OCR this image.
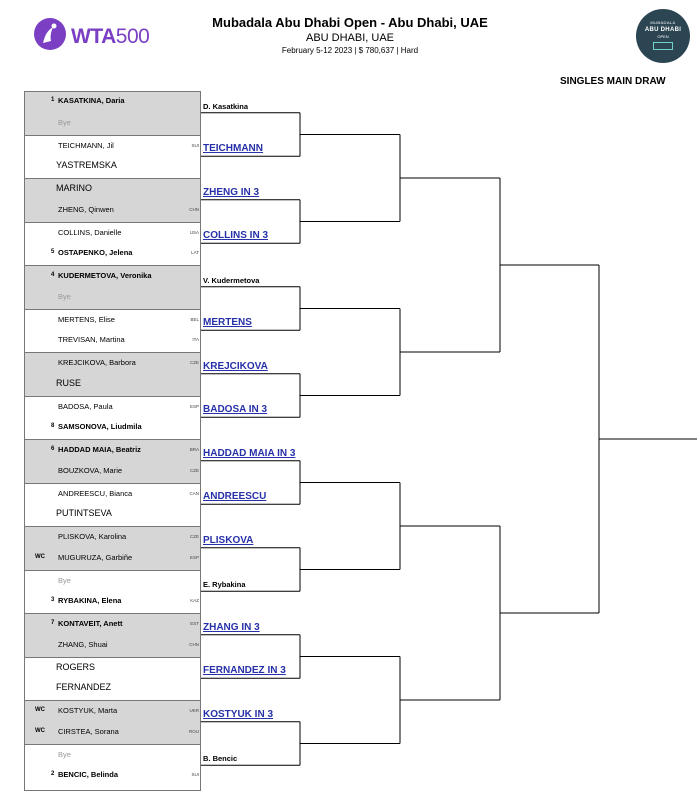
WTA500
Mubadala Abu Dhabi Open - Abu Dhabi, UAE
ABU DHABI, UAE
February 5-12 2023 | $ 780,637 | Hard
MUBADALA
ABU DHABI
OPEN
SINGLES MAIN DRAW
1 KASATKINA, Daria
Bye
TEICHMANN, Jil	SUI
YASTREMSKA
MARINO
ZHENG, Qinwen	CHN
COLLINS, Danielle	USA
5 OSTAPENKO, Jelena	LAT
4 KUDERMETOVA, Veronika
Bye
MERTENS, Elise	BEL
TREVISAN, Martina	ITA
KREJCIKOVA, Barbora	CZE
RUSE
BADOSA, Paula	ESP
8 SAMSONOVA, Liudmila
6 HADDAD MAIA, Beatriz	BRA
BOUZKOVA, Marie	CZE
ANDREESCU, Bianca	CAN
PUTINTSEVA
PLISKOVA, Karolina	CZE
WC MUGURUZA, Garbiñe	ESP
Bye
3 RYBAKINA, Elena	KAZ
7 KONTAVEIT, Anett	EST
ZHANG, Shuai	CHN
ROGERS
FERNANDEZ
WC KOSTYUK, Marta	UKR
WC CIRSTEA, Sorana	ROU
Bye
2 BENCIC, Belinda	SUI
D. Kasatkina
TEICHMANN
ZHENG IN 3
COLLINS IN 3
V. Kudermetova
MERTENS
KREJCIKOVA
BADOSA IN 3
HADDAD MAIA IN 3
ANDREESCU
PLISKOVA
E. Rybakina
ZHANG IN 3
FERNANDEZ IN 3
KOSTYUK IN 3
B. Bencic
